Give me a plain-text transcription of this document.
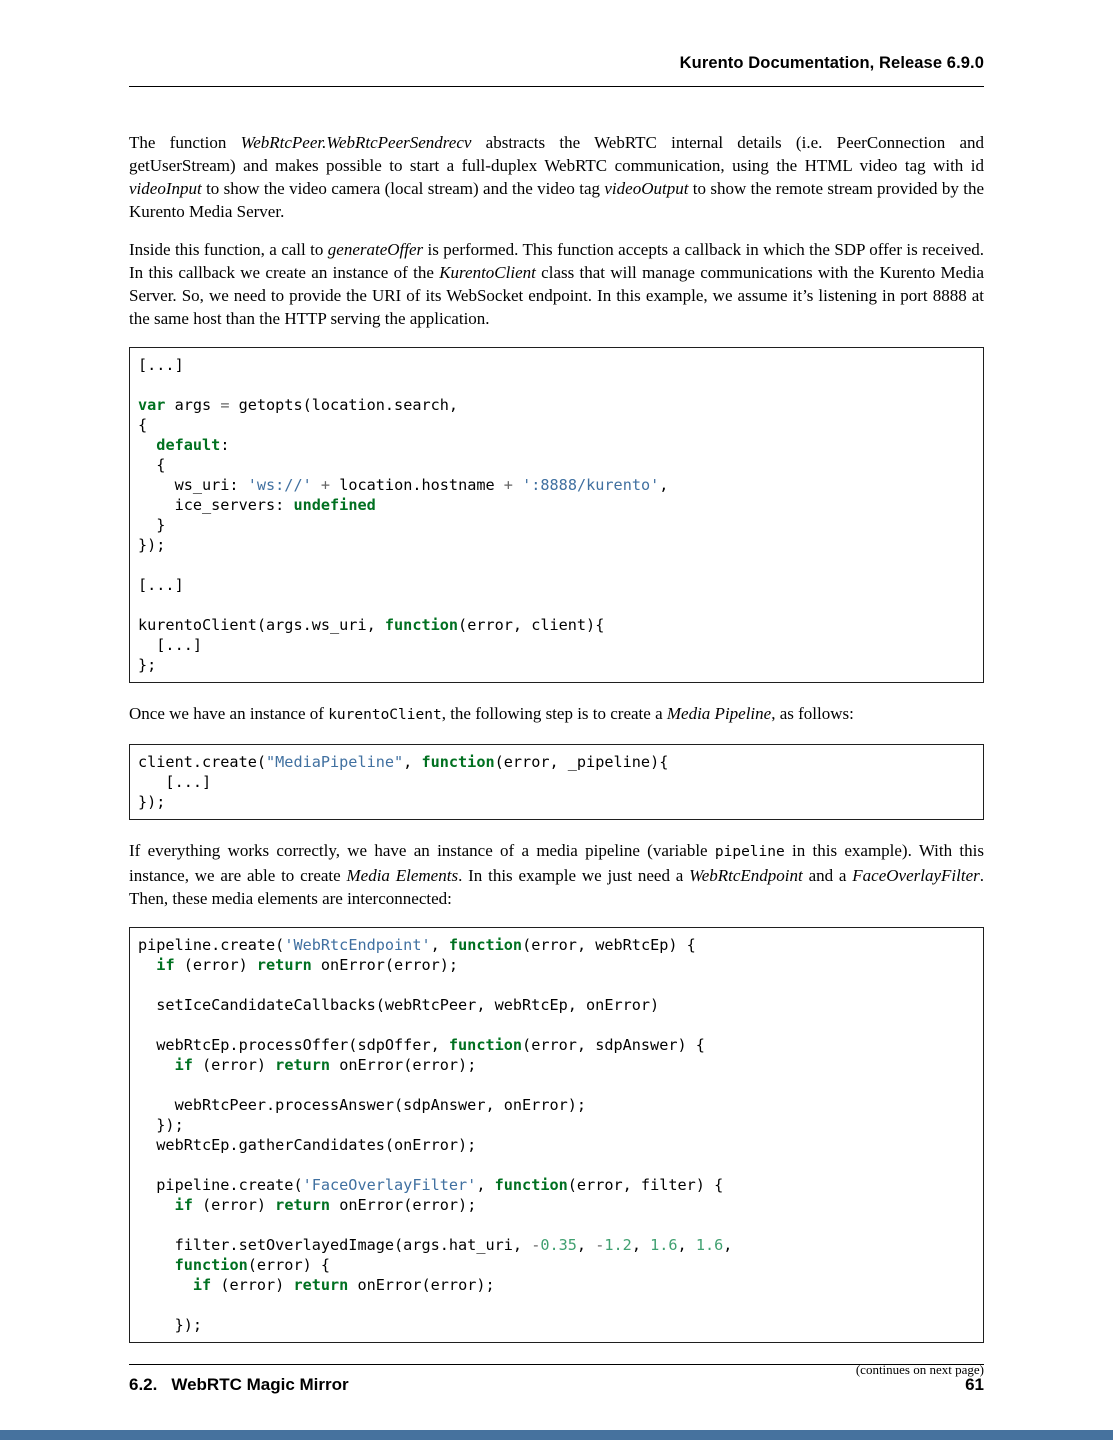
Kurento Documentation, Release 6.9.0

The function WebRtcPeer.WebRtcPeerSendrecv abstracts the WebRTC internal details (i.e. PeerConnection and getUserStream) and makes possible to start a full-duplex WebRTC communication, using the HTML video tag with id videoInput to show the video camera (local stream) and the video tag videoOutput to show the remote stream provided by the Kurento Media Server.

Inside this function, a call to generateOffer is performed. This function accepts a callback in which the SDP offer is received. In this callback we create an instance of the KurentoClient class that will manage communications with the Kurento Media Server. So, we need to provide the URI of its WebSocket endpoint. In this example, we assume it’s listening in port 8888 at the same host than the HTTP serving the application.

[...]

var args = getopts(location.search,
{
default:
{
ws_uri: 'ws://' + location.hostname + ':8888/kurento',
ice_servers: undefined
}
});

[...]

kurentoClient(args.ws_uri, function(error, client){
[...]
};

Once we have an instance of kurentoClient, the following step is to create a Media Pipeline, as follows:

client.create("MediaPipeline", function(error, _pipeline){
[...]
});

If everything works correctly, we have an instance of a media pipeline (variable pipeline in this example). With this instance, we are able to create Media Elements. In this example we just need a WebRtcEndpoint and a FaceOverlayFilter. Then, these media elements are interconnected:

pipeline.create('WebRtcEndpoint', function(error, webRtcEp) {
if (error) return onError(error);

setIceCandidateCallbacks(webRtcPeer, webRtcEp, onError)

webRtcEp.processOffer(sdpOffer, function(error, sdpAnswer) {
if (error) return onError(error);

webRtcPeer.processAnswer(sdpAnswer, onError);
});
webRtcEp.gatherCandidates(onError);

pipeline.create('FaceOverlayFilter', function(error, filter) {
if (error) return onError(error);

filter.setOverlayedImage(args.hat_uri, -0.35, -1.2, 1.6, 1.6,
function(error) {
if (error) return onError(error);

});
(continues on next page)
6.2. WebRTC Magic Mirror	61
